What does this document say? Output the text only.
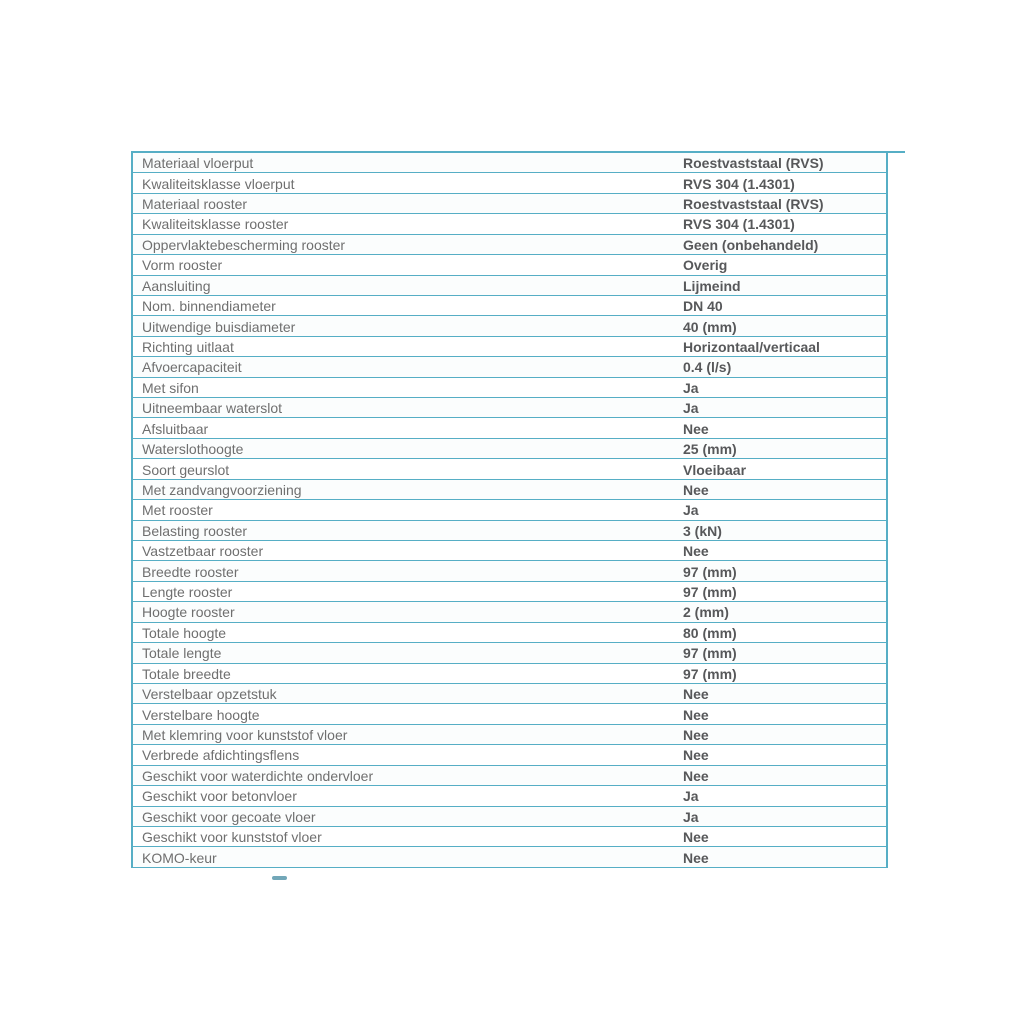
Materiaal vloerput	Roestvaststaal (RVS)
Kwaliteitsklasse vloerput	RVS 304 (1.4301)
Materiaal rooster	Roestvaststaal (RVS)
Kwaliteitsklasse rooster	RVS 304 (1.4301)
Oppervlaktebescherming rooster	Geen (onbehandeld)
Vorm rooster	Overig
Aansluiting	Lijmeind
Nom. binnendiameter	DN 40
Uitwendige buisdiameter	40 (mm)
Richting uitlaat	Horizontaal/verticaal
Afvoercapaciteit	0.4 (l/s)
Met sifon	Ja
Uitneembaar waterslot	Ja
Afsluitbaar	Nee
Waterslothoogte	25 (mm)
Soort geurslot	Vloeibaar
Met zandvangvoorziening	Nee
Met rooster	Ja
Belasting rooster	3 (kN)
Vastzetbaar rooster	Nee
Breedte rooster	97 (mm)
Lengte rooster	97 (mm)
Hoogte rooster	2 (mm)
Totale hoogte	80 (mm)
Totale lengte	97 (mm)
Totale breedte	97 (mm)
Verstelbaar opzetstuk	Nee
Verstelbare hoogte	Nee
Met klemring voor kunststof vloer	Nee
Verbrede afdichtingsflens	Nee
Geschikt voor waterdichte ondervloer	Nee
Geschikt voor betonvloer	Ja
Geschikt voor gecoate vloer	Ja
Geschikt voor kunststof vloer	Nee
KOMO-keur	Nee
